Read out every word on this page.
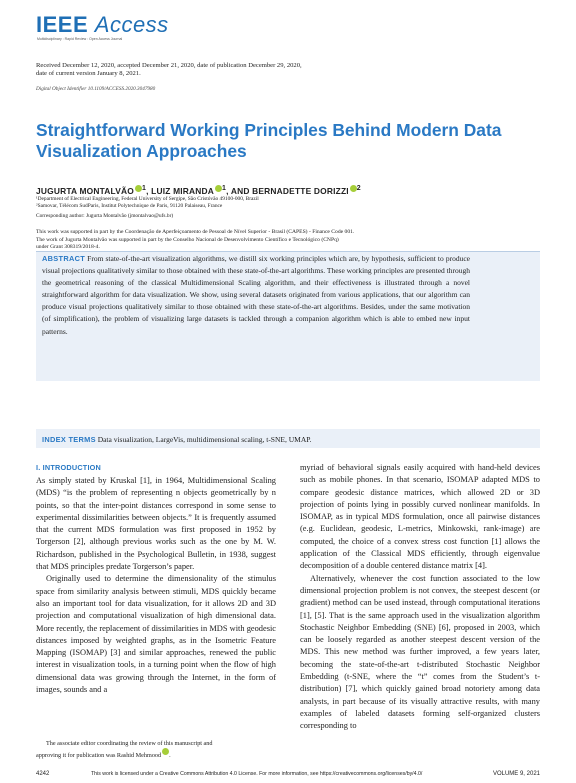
IEEE Access
Multidisciplinary : Rapid Review : Open Access Journal
Received December 12, 2020, accepted December 21, 2020, date of publication December 29, 2020,
date of current version January 8, 2021.
Digital Object Identifier 10.1109/ACCESS.2020.3047980
Straightforward Working Principles Behind Modern Data Visualization Approaches
JUGURTA MONTALVÃO $^1$, LUIZ MIRANDA $^1$, AND BERNADETTE DORIZZI $^2$
¹Department of Electrical Engineering, Federal University of Sergipe, São Cristóvão 49100-000, Brazil
²Samovar, Télécom SudParis, Institut Polytechnique de Paris, 91120 Palaiseau, France
Corresponding author: Jugurta Montalvão (jmontalvao@ufs.br)
This work was supported in part by the Coordenação de Aperfeiçoamento de Pessoal de Nível Superior - Brasil (CAPES) - Finance Code 001.
The work of Jugurta Montalvão was supported in part by the Conselho Nacional de Desenvolvimento Científico e Tecnológico (CNPq)
under Grant 308319/2018-4.
ABSTRACT From state-of-the-art visualization algorithms, we distill six working principles which are, by hypothesis, sufficient to produce visual projections qualitatively similar to those obtained with these state-of-the-art algorithms. These working principles are presented through the geometrical reasoning of the classical Multidimensional Scaling algorithm, and their effectiveness is illustrated through a novel straightforward algorithm for data visualization. We show, using several datasets originated from various applications, that our algorithm can produce visual projections qualitatively similar to those obtained with these state-of-the-art algorithms. Besides, under the same motivation (of simplification), the problem of visualizing large datasets is tackled through a companion algorithm which is able to embed new input patterns.
INDEX TERMS Data visualization, LargeVis, multidimensional scaling, t-SNE, UMAP.
I. INTRODUCTION

As simply stated by Kruskal [1], in 1964, Multidimensional Scaling (MDS) “is the problem of representing n objects geometrically by n points, so that the inter-point distances correspond in some sense to experimental dissimilarities between objects.” It is frequently assumed that the current MDS formulation was first proposed in 1952 by Torgerson [2], although previous works such as the one by M. W. Richardson, published in the Psychological Bulletin, in 1938, suggest that MDS principles predate Torgerson’s paper.

Originally used to determine the dimensionality of the stimulus space from similarity analysis between stimuli, MDS quickly became also an important tool for data visualization, for it allows 2D and 3D projection and computational visualization of high dimensional data. More recently, the replacement of dissimilarities in MDS with geodesic distances imposed by weighted graphs, as in the Isometric Feature Mapping (ISOMAP) [3] and similar approaches, renewed the public interest in visualization tools, in a turning point when the flow of high dimensional data was growing through the Internet, in the form of images, sounds and a

myriad of behavioral signals easily acquired with hand-held devices such as mobile phones. In that scenario, ISOMAP adapted MDS to compare geodesic distance matrices, which allowed 2D or 3D projection of points lying in possibly curved nonlinear manifolds. In ISOMAP, as in typical MDS formulation, once all pairwise distances (e.g. Euclidean, geodesic, L-metrics, Minkowski, rank-image) are computed, the choice of a convex stress cost function [1] allows the application of the Classical MDS efficiently, through eigenvalue decomposition of a double centered distance matrix [4].

Alternatively, whenever the cost function associated to the low dimensional projection problem is not convex, the steepest descent (or gradient) method can be used instead, through computational iterations [1], [5]. That is the same approach used in the visualization algorithm Stochastic Neighbor Embedding (SNE) [6], proposed in 2003, which can be loosely regarded as another steepest descent version of the MDS. This new method was further improved, a few years later, becoming the state-of-the-art t-distributed Stochastic Neighbor Embedding (t-SNE, where the “t” comes from the Student’s t-distribution) [7], which quickly gained broad notoriety among data analysts, in part because of its visually attractive results, with many examples of labeled datasets forming self-organized clusters corresponding to

The associate editor coordinating the review of this manuscript and
approving it for publication was Rashid Mehmood .
4242	This work is licensed under a Creative Commons Attribution 4.0 License. For more information, see https://creativecommons.org/licenses/by/4.0/	VOLUME 9, 2021
